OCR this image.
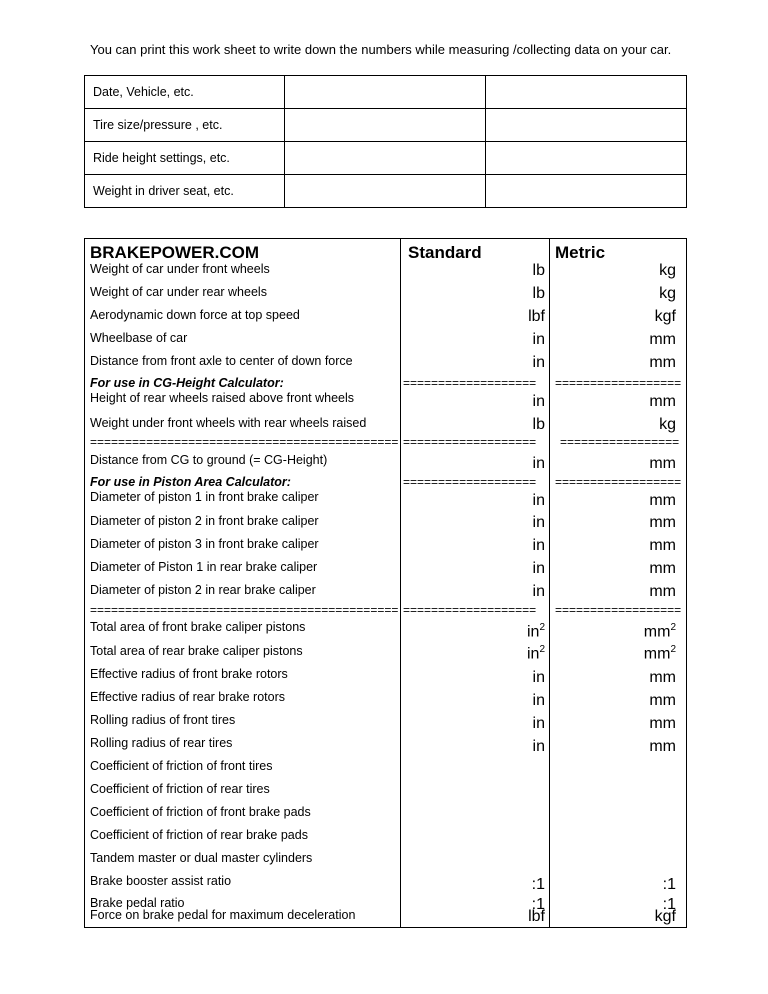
You can print this work sheet to write down the numbers while measuring /collecting data on your car.
Date, Vehicle, etc.		
Tire size/pressure , etc.		
Ride height settings, etc.		
Weight in driver seat, etc.		
BRAKEPOWER.COM	Standard	Metric
Weight of car under front wheels	lb	kg
Weight of car under rear wheels	lb	kg
Aerodynamic down force at top speed	lbf	kgf
Wheelbase of car	in	mm
Distance from front axle to center of down force	in	mm
For use in CG-Height Calculator:	=================== ==================
Height of rear wheels raised above front wheels	in	mm
Weight under front wheels with rear wheels raised	lb	kg
============================================ =================== =================
Distance from CG to ground (= CG-Height)	in	mm
For use in Piston Area Calculator:	=================== ==================
Diameter of piston 1 in front brake caliper	in	mm
Diameter of piston 2 in front brake caliper	in	mm
Diameter of piston 3 in front brake caliper	in	mm
Diameter of Piston 1 in rear brake caliper	in	mm
Diameter of piston 2 in rear brake caliper	in	mm
============================================ =================== ==================
Total area of front brake caliper pistons	$in^2$	$mm^2$
Total area of rear brake caliper pistons	$in^2$	$mm^2$
Effective radius of front brake rotors	in	mm
Effective radius of rear brake rotors	in	mm
Rolling radius of front tires	in	mm
Rolling radius of rear tires	in	mm
Coefficient of friction of front tires
Coefficient of friction of rear tires
Coefficient of friction of front brake pads
Coefficient of friction of rear brake pads
Tandem master or dual master cylinders
Brake booster assist ratio	:1	:1
Brake pedal ratio	:1	:1
Force on brake pedal for maximum deceleration	lbf	kgf
